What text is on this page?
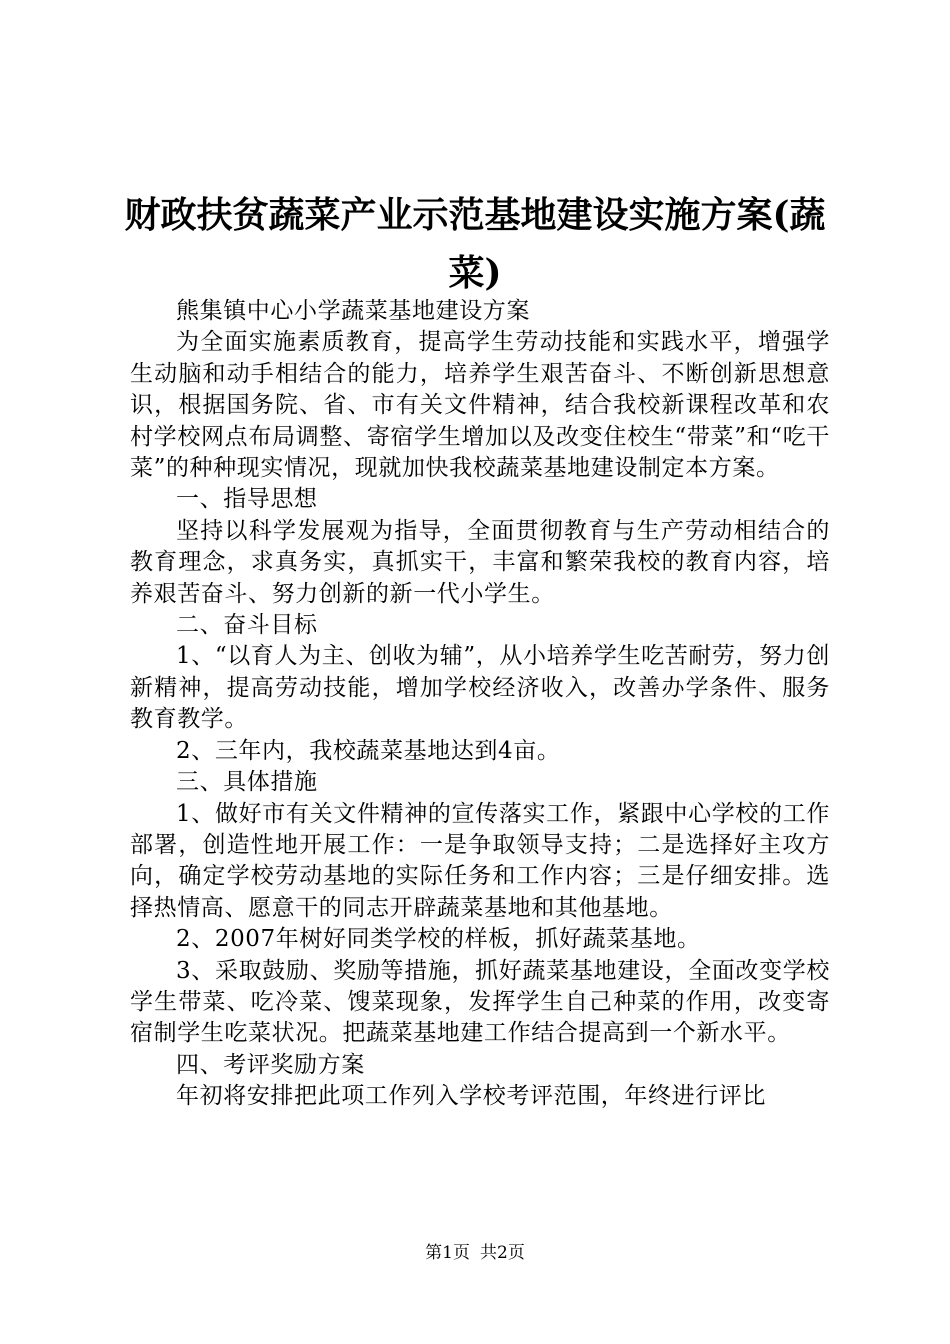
财政扶贫蔬菜产业示范基地建设实施方案(蔬菜)

熊集镇中心小学蔬菜基地建设方案

为全面实施素质教育，提高学生劳动技能和实践水平，增强学生动脑和动手相结合的能力，培养学生艰苦奋斗、不断创新思想意识，根据国务院、省、市有关文件精神，结合我校新课程改革和农村学校网点布局调整、寄宿学生增加以及改变住校生“带菜”和“吃干菜”的种种现实情况，现就加快我校蔬菜基地建设制定本方案。

一、指导思想

坚持以科学发展观为指导，全面贯彻教育与生产劳动相结合的教育理念，求真务实，真抓实干，丰富和繁荣我校的教育内容，培养艰苦奋斗、努力创新的新一代小学生。

二、奋斗目标

1、“以育人为主、创收为辅”，从小培养学生吃苦耐劳，努力创新精神，提高劳动技能，增加学校经济收入，改善办学条件、服务教育教学。

2、三年内，我校蔬菜基地达到4亩。

三、具体措施

1、做好市有关文件精神的宣传落实工作，紧跟中心学校的工作部署，创造性地开展工作：一是争取领导支持；二是选择好主攻方向，确定学校劳动基地的实际任务和工作内容；三是仔细安排。选择热情高、愿意干的同志开辟蔬菜基地和其他基地。

2、2007年树好同类学校的样板，抓好蔬菜基地。

3、采取鼓励、奖励等措施，抓好蔬菜基地建设，全面改变学校学生带菜、吃冷菜、馊菜现象，发挥学生自己种菜的作用，改变寄宿制学生吃菜状况。把蔬菜基地建工作结合提高到一个新水平。

四、考评奖励方案

年初将安排把此项工作列入学校考评范围，年终进行评比

第1页 共2页
